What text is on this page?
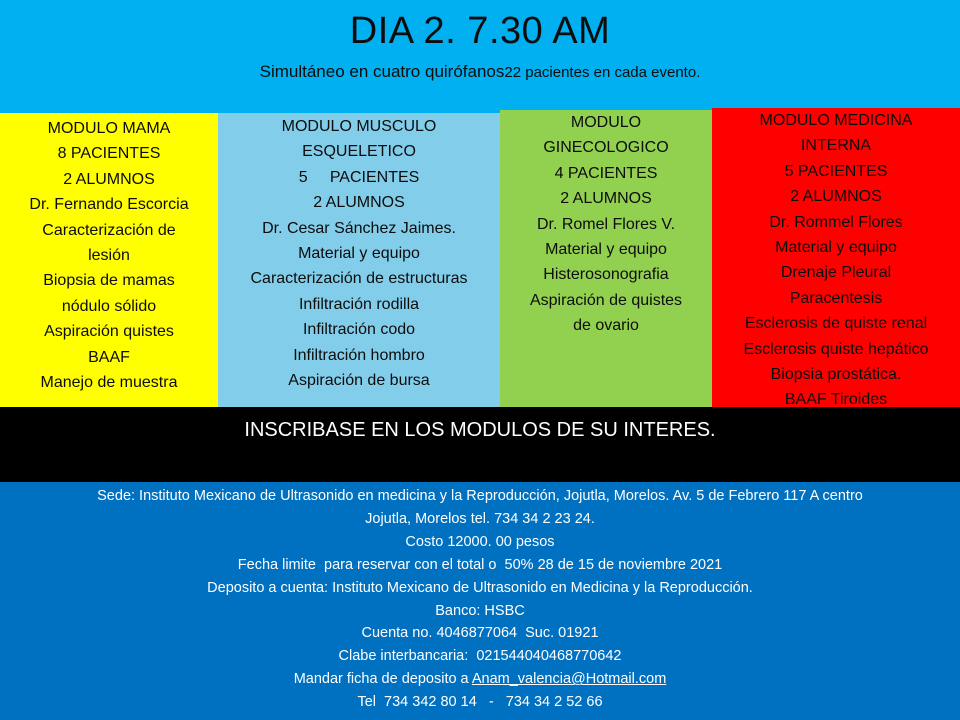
DIA 2. 7.30 AM
Simultáneo en cuatro quirófanos22 pacientes en cada evento.
MODULO MAMA
8 PACIENTES
2 ALUMNOS
Dr. Fernando Escorcia
Caracterización de
lesión
Biopsia de mamas
nódulo sólido
Aspiración quistes
BAAF
Manejo de muestra
MODULO MUSCULO
ESQUELETICO
5     PACIENTES
2 ALUMNOS
Dr. Cesar Sánchez Jaimes.
Material y equipo
Caracterización de estructuras
Infiltración rodilla
Infiltración codo
Infiltración hombro
Aspiración de bursa
MODULO
GINECOLOGICO
4 PACIENTES
2 ALUMNOS
Dr. Romel Flores V.
Material y equipo
Histerosonografia
Aspiración de quistes
de ovario
MODULO MEDICINA
INTERNA
5 PACIENTES
2 ALUMNOS
Dr. Rommel Flores
Material y equipo
Drenaje Pleural
Paracentesis
Esclerosis de quiste renal
Esclerosis quiste hepático
Biopsia prostática.
BAAF Tiroides
INSCRIBASE EN LOS MODULOS DE SU INTERES.
Sede: Instituto Mexicano de Ultrasonido en medicina y la Reproducción, Jojutla, Morelos. Av. 5 de Febrero 117 A centro
Jojutla, Morelos tel. 734 34 2 23 24.
Costo 12000. 00 pesos
Fecha limite  para reservar con el total o  50% 28 de 15 de noviembre 2021
Deposito a cuenta: Instituto Mexicano de Ultrasonido en Medicina y la Reproducción.
Banco: HSBC
Cuenta no. 4046877064  Suc. 01921
Clabe interbancaria:  021544040468770642
Mandar ficha de deposito a Anam_valencia@Hotmail.com
Tel  734 342 80 14   -   734 34 2 52 66
